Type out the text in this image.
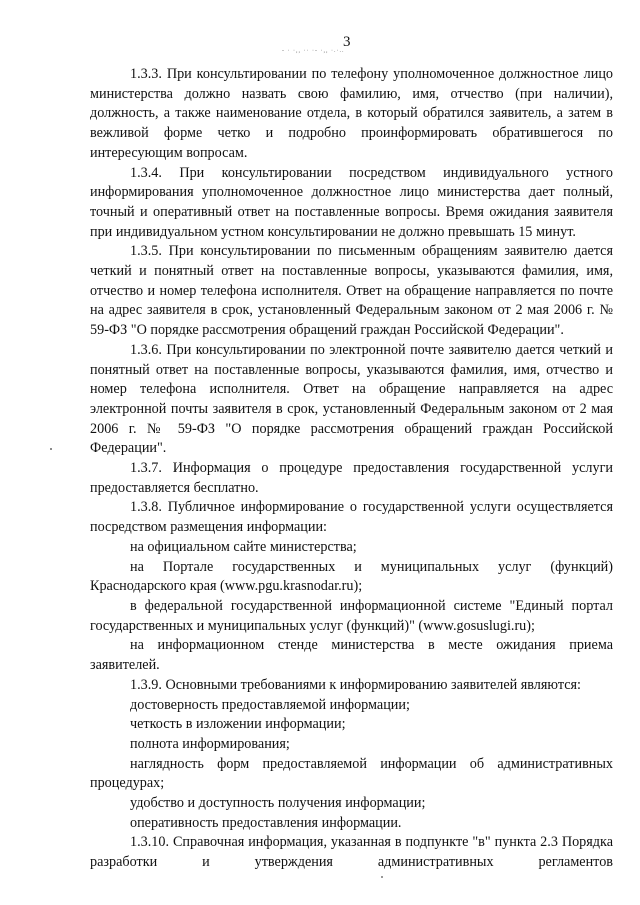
3
- · ·,, ·· ·- ·,, ·.·..

1.3.3. При консультировании по телефону уполномоченное должностное лицо министерства должно назвать свою фамилию, имя, отчество (при наличии), должность, а также наименование отдела, в который обратился заявитель, а затем в вежливой форме четко и подробно проинформировать обратившегося по интересующим вопросам.

1.3.4. При консультировании посредством индивидуального устного информирования уполномоченное должностное лицо министерства дает полный, точный и оперативный ответ на поставленные вопросы. Время ожидания заявителя при индивидуальном устном консультировании не должно превышать 15 минут.

1.3.5. При консультировании по письменным обращениям заявителю дается четкий и понятный ответ на поставленные вопросы, указываются фамилия, имя, отчество и номер телефона исполнителя. Ответ на обращение направляется по почте на адрес заявителя в срок, установленный Федеральным законом от 2 мая 2006 г. № 59-ФЗ "О порядке рассмотрения обращений граждан Российской Федерации".

1.3.6. При консультировании по электронной почте заявителю дается четкий и понятный ответ на поставленные вопросы, указываются фамилия, имя, отчество и номер телефона исполнителя. Ответ на обращение направляется на адрес электронной почты заявителя в срок, установленный Федеральным законом от 2 мая 2006 г. № 59-ФЗ "О порядке рассмотрения обращений граждан Российской Федерации".

1.3.7. Информация о процедуре предоставления государственной услуги предоставляется бесплатно.

1.3.8. Публичное информирование о государственной услуги осуществляется посредством размещения информации:

на официальном сайте министерства;

на Портале государственных и муниципальных услуг (функций) Краснодарского края (www.pgu.krasnodar.ru);

в федеральной государственной информационной системе "Единый портал государственных и муниципальных услуг (функций)" (www.gosuslugi.ru);

на информационном стенде министерства в месте ожидания приема заявителей.

1.3.9. Основными требованиями к информированию заявителей являются:

достоверность предоставляемой информации;

четкость в изложении информации;

полнота информирования;

наглядность форм предоставляемой информации об административных процедурах;

удобство и доступность получения информации;

оперативность предоставления информации.

1.3.10. Справочная информация, указанная в подпункте "в" пункта 2.3 Порядка разработки и утверждения административных регламентов
